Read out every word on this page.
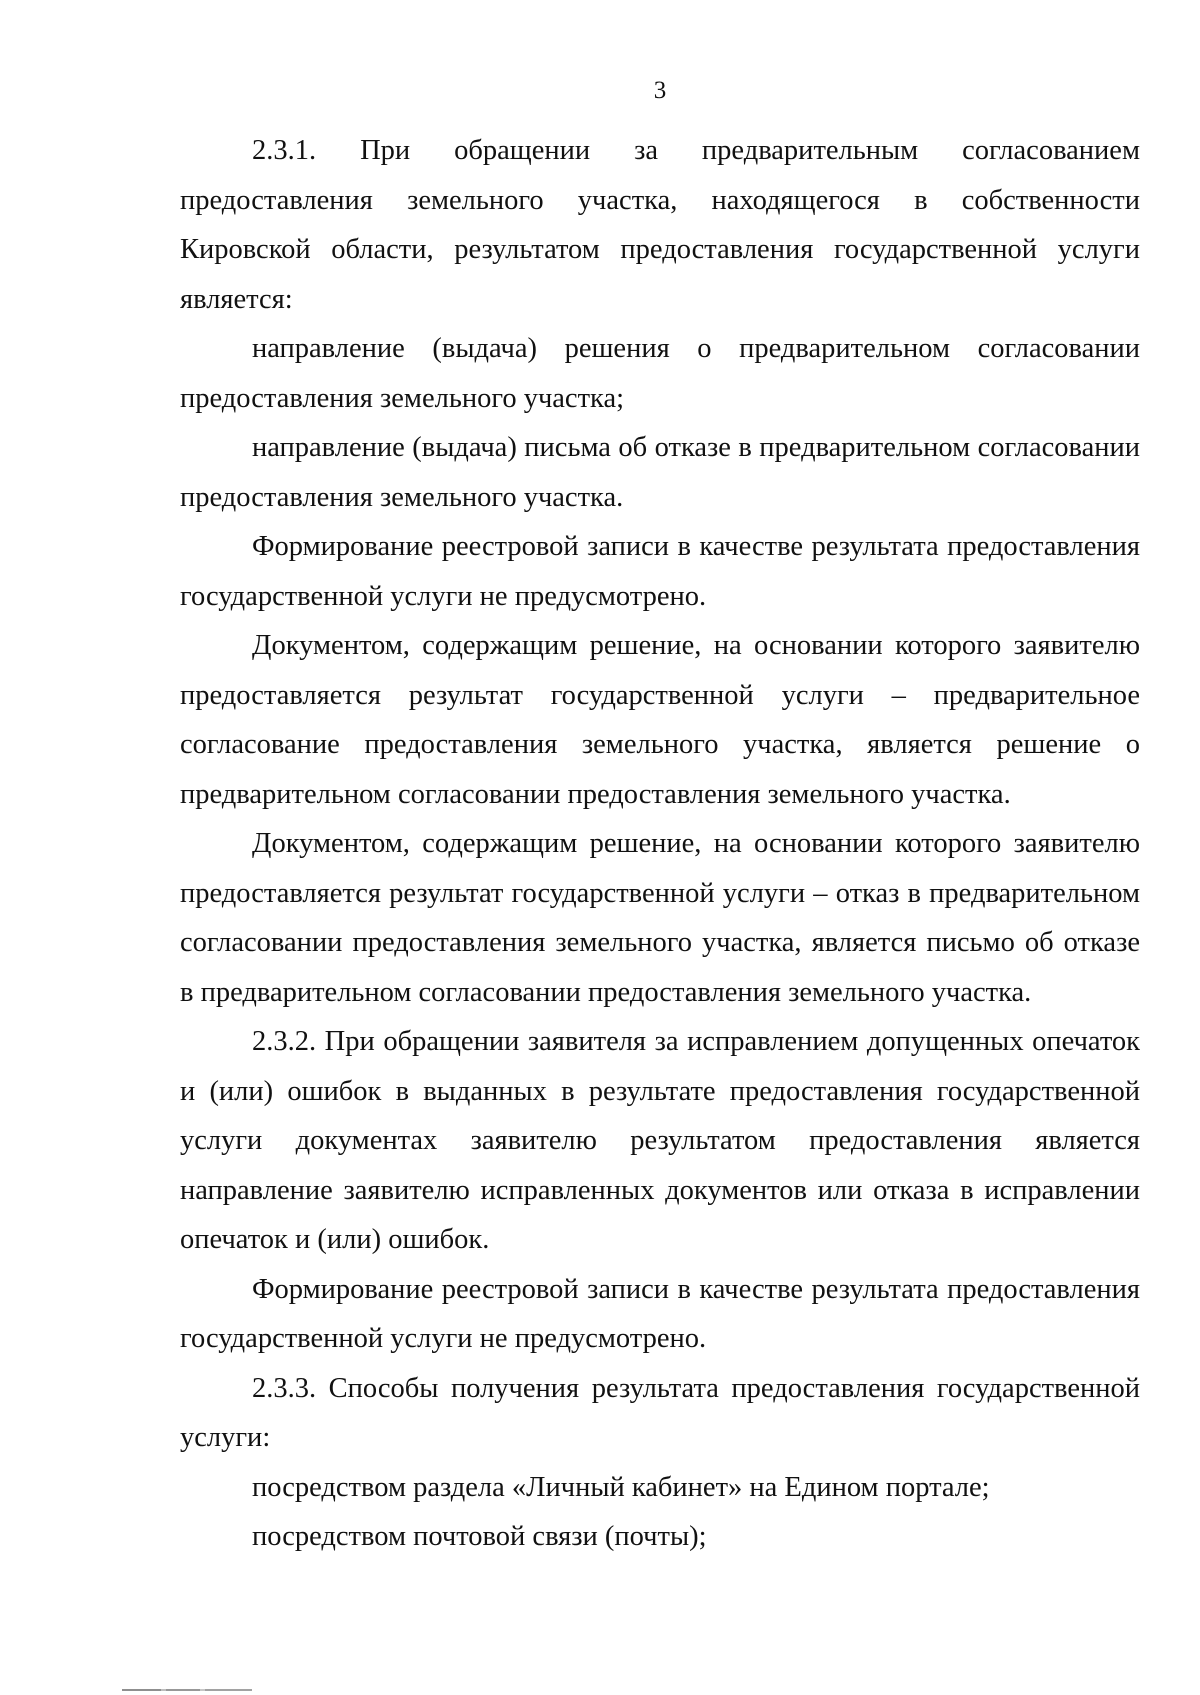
3

2.3.1. При обращении за предварительным согласованием предоставления земельного участка, находящегося в собственности Кировской области, результатом предоставления государственной услуги является:

направление (выдача) решения о предварительном согласовании предоставления земельного участка;

направление (выдача) письма об отказе в предварительном согласовании предоставления земельного участка.

Формирование реестровой записи в качестве результата предоставления государственной услуги не предусмотрено.

Документом, содержащим решение, на основании которого заявителю предоставляется результат государственной услуги – предварительное согласование предоставления земельного участка, является решение о предварительном согласовании предоставления земельного участка.

Документом, содержащим решение, на основании которого заявителю предоставляется результат государственной услуги – отказ в предварительном согласовании предоставления земельного участка, является письмо об отказе в предварительном согласовании предоставления земельного участка.

2.3.2. При обращении заявителя за исправлением допущенных опечаток и (или) ошибок в выданных в результате предоставления государственной услуги документах заявителю результатом предоставления является направление заявителю исправленных документов или отказа в исправлении опечаток и (или) ошибок.

Формирование реестровой записи в качестве результата предоставления государственной услуги не предусмотрено.

2.3.3. Способы получения результата предоставления государственной услуги:

посредством раздела «Личный кабинет» на Едином портале;

посредством почтовой связи (почты);
